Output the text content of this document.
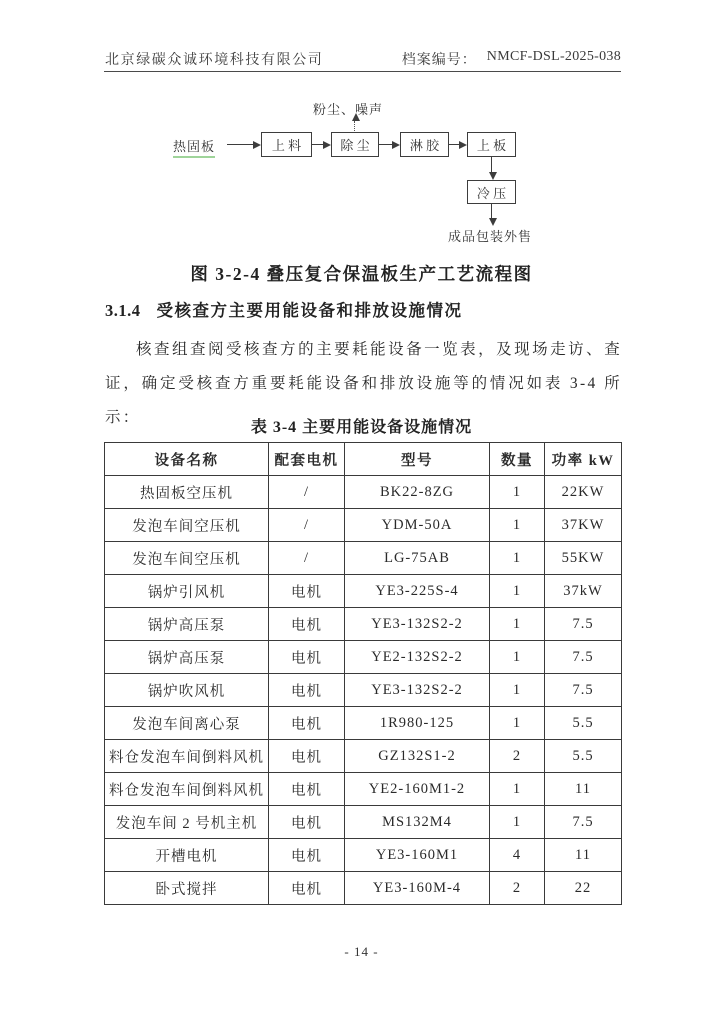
北京绿碳众诚环境科技有限公司	档案编号： NMCF-DSL-2025-038
粉尘、噪声
热固板	上 料	除 尘	淋 胶	上 板
冷 压
成品包装外售
图 3-2-4 叠压复合保温板生产工艺流程图
3.1.4 受核查方主要用能设备和排放设施情况
核查组查阅受核查方的主要耗能设备一览表，及现场走访、查证，确定受核查方重要耗能设备和排放设施等的情况如表 3-4 所示：
表 3-4 主要用能设备设施情况
设备名称	配套电机	型号	数量	功率 kW
热固板空压机	/	BK22-8ZG	1	22KW
发泡车间空压机	/	YDM-50A	1	37KW
发泡车间空压机	/	LG-75AB	1	55KW
锅炉引风机	电机	YE3-225S-4	1	37kW
锅炉高压泵	电机	YE3-132S2-2	1	7.5
锅炉高压泵	电机	YE2-132S2-2	1	7.5
锅炉吹风机	电机	YE3-132S2-2	1	7.5
发泡车间离心泵	电机	1R980-125	1	5.5
料仓发泡车间倒料风机	电机	GZ132S1-2	2	5.5
料仓发泡车间倒料风机	电机	YE2-160M1-2	1	11
发泡车间 2 号机主机	电机	MS132M4	1	7.5
开槽电机	电机	YE3-160M1	4	11
卧式搅拌	电机	YE3-160M-4	2	22
- 14 -
